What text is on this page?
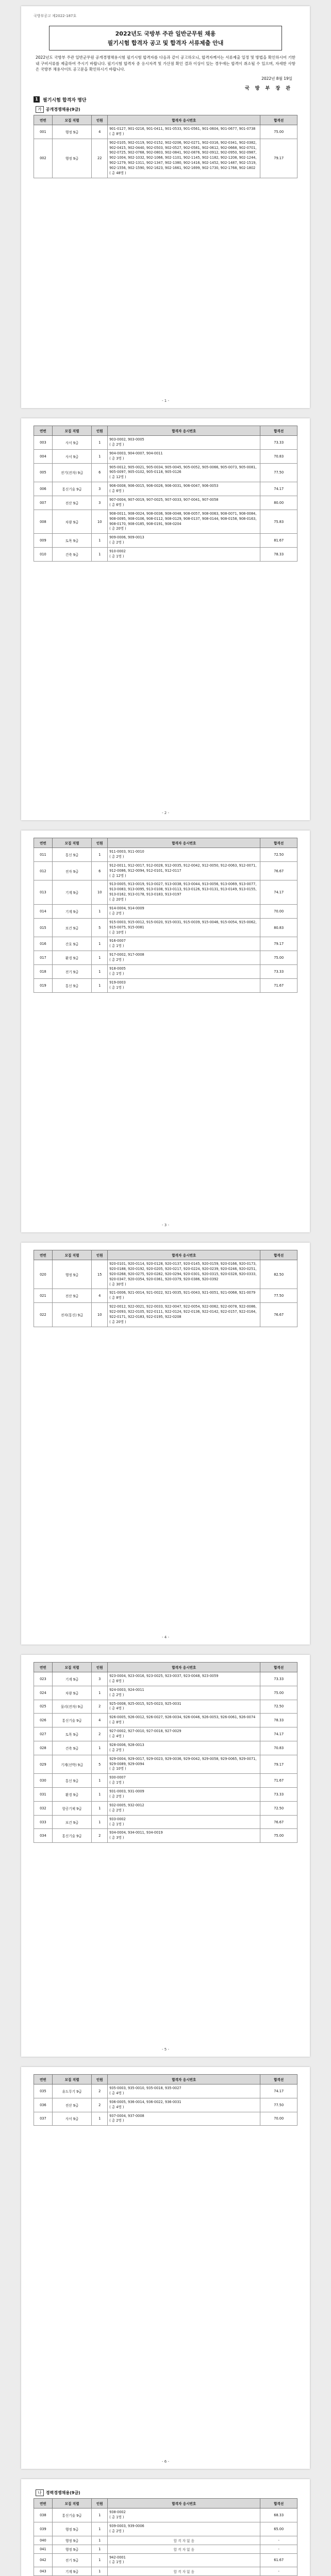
국방부공고 제2022-187호
2022년도 국방부 주관 일반군무원 채용
필기시험 합격자 공고 및 합격자 서류제출 안내
2022년도 국방부 주관 일반군무원 공개경쟁채용시험 필기시험 합격자를 다음과 같이 공고하오니, 합격자께서는 서류제출 일정 및 방법을 확인하시어 기한 내 구비서류를 제출하여 주시기 바랍니다. 필기시험 합격자 중 응시자격 및 가산점 확인 결과 이상이 있는 경우에는 합격이 취소될 수 있으며, 자세한 사항은 국방부 채용사이트 공고문을 확인하시기 바랍니다.
2022년 8월 19일
국 방 부 장 관
1	필기시험 합격자 명단
가 공개경쟁채용(9급)
연번	모집 직렬	인원	합격자 응시번호	합격선
001	행정 9급	4	901-0127, 901-0216, 901-0411, 901-0533, 901-0561, 901-0604, 901-0677, 901-0738
( 총 8명 )	75.00
002	행정 9급	22	902-0105, 902-0119, 902-0152, 902-0206, 902-0271, 902-0316, 902-0341, 902-0382, 902-0415, 902-0440, 902-0503, 902-0527, 902-0581, 902-0612, 902-0668, 902-0701, 902-0725, 902-0768, 902-0803, 902-0841, 902-0876, 902-0912, 902-0950, 902-0987, 902-1004, 902-1032, 902-1066, 902-1101, 902-1145, 902-1182, 902-1208, 902-1244, 902-1279, 902-1311, 902-1347, 902-1380, 902-1416, 902-1452, 902-1487, 902-1519, 902-1556, 902-1590, 902-1623, 902-1661, 902-1699, 902-1730, 902-1768, 902-1802
( 총 48명 )	79.17
- 1 -
연번	모집 직렬	인원	합격자 응시번호	합격선
003	사서 9급	1	903-0002, 903-0005
( 총 2명 )	73.33
004	사서 9급	1	904-0003, 904-0007, 904-0011
( 총 3명 )	70.83
005	전기(전자) 9급	6	905-0012, 905-0021, 905-0034, 905-0045, 905-0052, 905-0066, 905-0073, 905-0081, 905-0097, 905-0102, 905-0118, 905-0126
( 총 12명 )	77.50
006	통신기술 9급	3	906-0008, 906-0015, 906-0026, 906-0031, 906-0047, 906-0053
( 총 6명 )	74.17
007	전산 9급	3	907-0004, 907-0019, 907-0025, 907-0033, 907-0041, 907-0058
( 총 6명 )	80.00
008	차량 9급	10	908-0011, 908-0024, 908-0036, 908-0048, 908-0057, 908-0063, 908-0071, 908-0084, 908-0095, 908-0106, 908-0112, 908-0129, 908-0137, 908-0144, 908-0158, 908-0163, 908-0170, 908-0185, 908-0191, 908-0204
( 총 20명 )	75.83
009	토목 9급	1	909-0006, 909-0013
( 총 2명 )	81.67
010	건축 9급	1	910-0002
( 총 1명 )	78.33
- 2 -
연번	모집 직렬	인원	합격자 응시번호	합격선
011	통신 9급	1	911-0003, 911-0010
( 총 2명 )	72.50
012	전자 9급	6	912-0011, 912-0017, 912-0028, 912-0035, 912-0042, 912-0050, 912-0063, 912-0071, 912-0086, 912-0094, 912-0101, 912-0117
( 총 12명 )	76.67
013	기계 9급	10	913-0005, 913-0019, 913-0027, 913-0038, 913-0044, 913-0056, 913-0069, 913-0077, 913-0083, 913-0095, 913-0108, 913-0113, 913-0126, 913-0131, 913-0149, 913-0155, 913-0162, 913-0178, 913-0183, 913-0197
( 총 20명 )	74.17
014	기계 9급	1	914-0004, 914-0009
( 총 2명 )	70.00
015	보건 9급	5	915-0003, 915-0012, 915-0020, 915-0031, 915-0039, 915-0046, 915-0054, 915-0062, 915-0075, 915-0081
( 총 10명 )	80.83
016	간호 9급	1	916-0007
( 총 1명 )	79.17
017	환경 9급	1	917-0002, 917-0008
( 총 2명 )	75.00
018	전기 9급	1	918-0005
( 총 1명 )	73.33
019	통신 9급	1	919-0003
( 총 1명 )	71.67
- 3 -
연번	모집 직렬	인원	합격자 응시번호	합격선
020	행정 9급	15	920-0101, 920-0114, 920-0128, 920-0137, 920-0145, 920-0159, 920-0166, 920-0173, 920-0188, 920-0192, 920-0205, 920-0217, 920-0224, 920-0239, 920-0246, 920-0251, 920-0268, 920-0275, 920-0282, 920-0294, 920-0301, 920-0315, 920-0328, 920-0333, 920-0347, 920-0354, 920-0361, 920-0379, 920-0386, 920-0392
( 총 30명 )	82.50
021	전산 9급	4	921-0006, 921-0014, 921-0022, 921-0035, 921-0043, 921-0051, 921-0068, 921-0079
( 총 8명 )	77.50
022	전자(통신) 9급	10	922-0012, 922-0021, 922-0033, 922-0047, 922-0054, 922-0062, 922-0078, 922-0086, 922-0093, 922-0105, 922-0111, 922-0124, 922-0136, 922-0142, 922-0157, 922-0164, 922-0171, 922-0183, 922-0195, 922-0208
( 총 20명 )	76.67
- 4 -
연번	모집 직렬	인원	합격자 응시번호	합격선
023	기계 9급	3	923-0004, 923-0016, 923-0025, 923-0037, 923-0048, 923-0059
( 총 6명 )	73.33
024	차량 9급	1	924-0003, 924-0011
( 총 2명 )	75.00
025	물리(전자) 9급	2	925-0008, 925-0015, 925-0023, 925-0031
( 총 4명 )	72.50
026	통신기술 9급	4	926-0005, 926-0012, 926-0027, 926-0034, 926-0046, 926-0053, 926-0061, 926-0074
( 총 8명 )	78.33
027	토목 9급	2	927-0002, 927-0010, 927-0018, 927-0029
( 총 4명 )	74.17
028	건축 9급	1	928-0006, 928-0013
( 총 2명 )	70.83
029	기계(선박) 9급	5	929-0004, 929-0017, 929-0023, 929-0036, 929-0042, 929-0058, 929-0065, 929-0071, 929-0089, 929-0094
( 총 10명 )	79.17
030	통신 9급	1	930-0007
( 총 1명 )	71.67
031	환경 9급	1	931-0003, 931-0009
( 총 2명 )	73.33
032	항공기체 9급	1	932-0005, 932-0012
( 총 2명 )	72.50
033	보건 9급	1	933-0002
( 총 1명 )	76.67
034	통신기술 9급	2	934-0004, 934-0011, 934-0019
( 총 3명 )	75.00
- 5 -
연번	모집 직렬	인원	합격자 응시번호	합격선
035	유도무기 9급	2	935-0003, 935-0010, 935-0018, 935-0027
( 총 4명 )	74.17
036	전산 9급	2	936-0005, 936-0014, 936-0022, 936-0031
( 총 4명 )	77.50
037	사서 9급	1	937-0004, 937-0008
( 총 2명 )	70.00
- 6 -
나 경력경쟁채용(9급)
연번	모집 직렬	인원	합격자 응시번호	합격선
038	통신기술 9급	1	938-0002
( 총 1명 )	68.33
039	행정 9급	1	939-0003, 939-0006
( 총 2명 )	65.00
040	행정 9급	1	합 격 자 없 음	-
041	행정 9급	1	합 격 자 없 음	-
042	전기 9급	1	942-0001
( 총 1명 )	61.67
043	기계 9급	1	합 격 자 없 음	-
